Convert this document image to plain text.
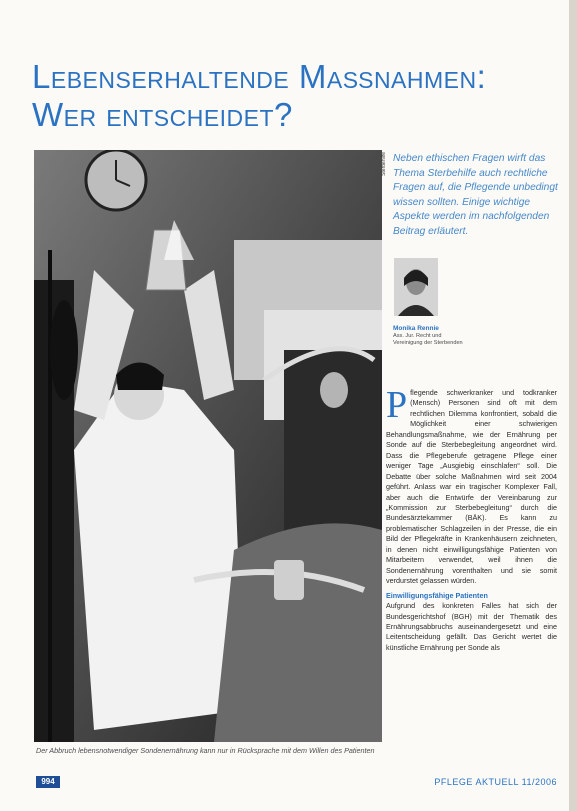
Lebenserhaltende Maßnahmen:
Wer entscheidet?
Der Abbruch lebensnotwendiger Sondenernährung kann nur in Rücksprache mit dem Willen des Patienten
Sterbehilfe Neben ethischen Fragen wirft das Thema Sterbehilfe auch rechtliche Fragen auf, die Pflegende unbedingt wissen sollten. Einige wichtige Aspekte werden im nachfolgenden Beitrag erläutert.
Monika Rennie
Ass. Jur. Recht und
Vereinigung der Sterbenden
Pflegende schwerkranker und todkranker (Mensch) Personen sind oft mit dem rechtlichen Dilemma konfrontiert, sobald die Möglichkeit einer schwierigen Behandlungsmaßnahme, wie der Ernährung per Sonde auf die Sterbebegleitung angeordnet wird. Dass die Pflegeberufe getragene Pflege einer weniger Tage „Ausgiebig einschlafen“ soll. Die Debatte über solche Maßnahmen wird seit 2004 geführt. Anlass war ein tragischer Komplexer Fall, aber auch die Entwürfe der Vereinbarung zur „Kommission zur Sterbebegleitung“ durch die Bundesärztekammer (BÄK). Es kann zu problematischer Schlagzeilen in der Presse, die ein Bild der Pflegekräfte in Krankenhäusern zeichneten, in denen nicht einwilligungsfähige Patienten von Mitarbeitern verwendet, weil ihnen die Sondenernährung vorenthalten und sie somit verdurstet gelassen würden.
Einwilligungsfähige Patienten
Aufgrund des konkreten Falles hat sich der Bundesgerichtshof (BGH) mit der Thematik des Ernährungsabbruchs auseinandergesetzt und eine Leitentscheidung gefällt. Das Gericht wertet die künstliche Ernährung per Sonde als
994	PFLEGE AKTUELL 11/2006
